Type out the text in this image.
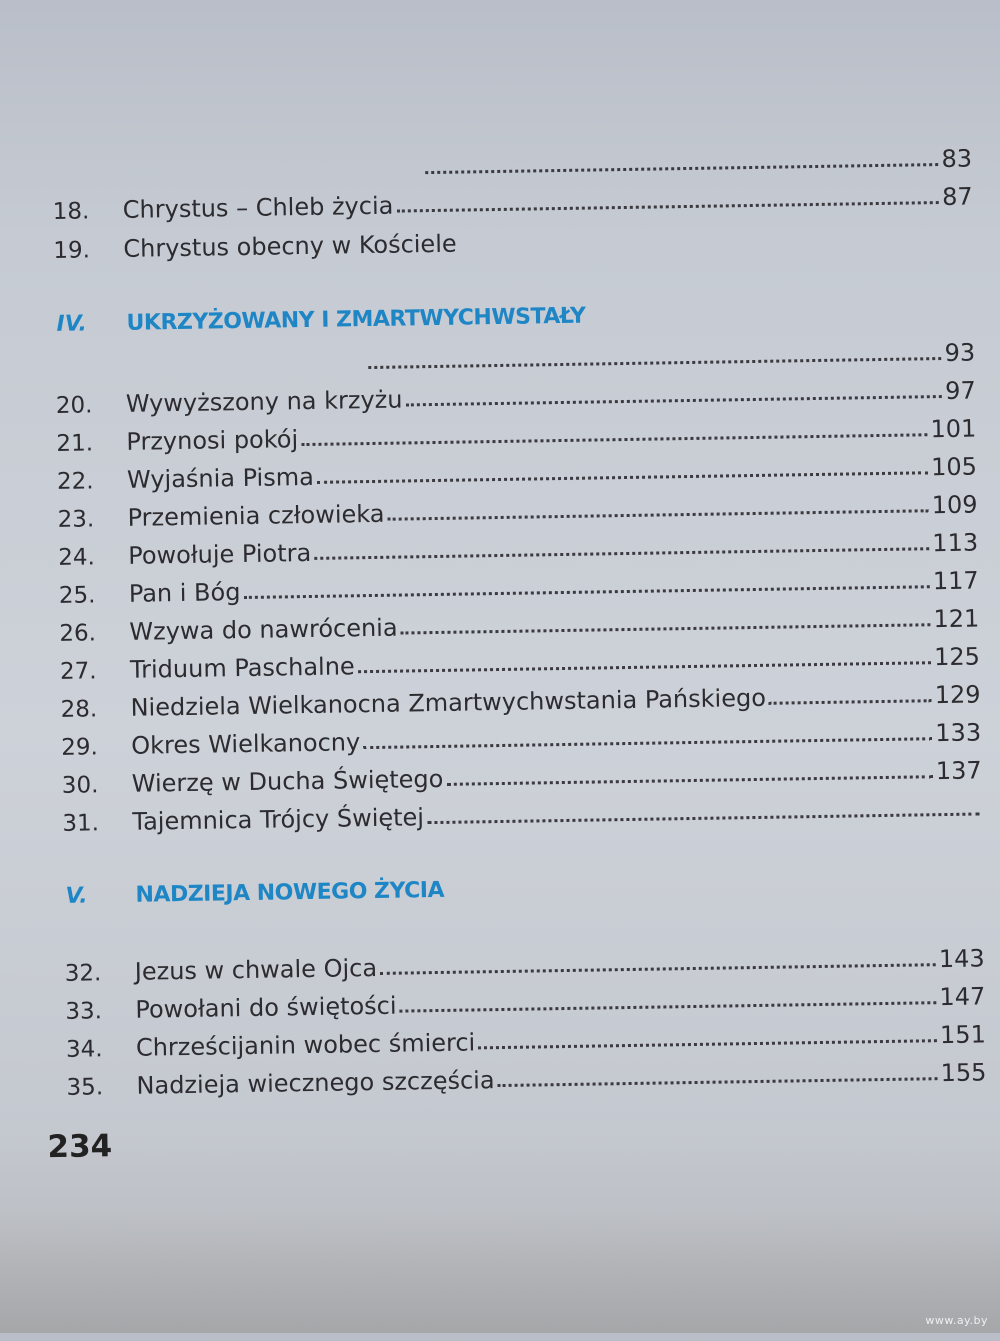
83
18.	Chrystus – Chleb życia	87
19.	Chrystus obecny w Kościele
IV.	UKRZYŻOWANY I ZMARTWYCHWSTAŁY
93
20.	Wywyższony na krzyżu	97
21.	Przynosi pokój	101
22.	Wyjaśnia Pisma	105
23.	Przemienia człowieka	109
24.	Powołuje Piotra	113
25.	Pan i Bóg	117
26.	Wzywa do nawrócenia	121
27.	Triduum Paschalne	125
28.	Niedziela Wielkanocna Zmartwychwstania Pańskiego	129
29.	Okres Wielkanocny	133
30.	Wierzę w Ducha Świętego	137
31.	Tajemnica Trójcy Świętej
V.	NADZIEJA NOWEGO ŻYCIA
32.	Jezus w chwale Ojca	143
33.	Powołani do świętości	147
34.	Chrześcijanin wobec śmierci	151
35.	Nadzieja wiecznego szczęścia	155
234
www.ay.by
